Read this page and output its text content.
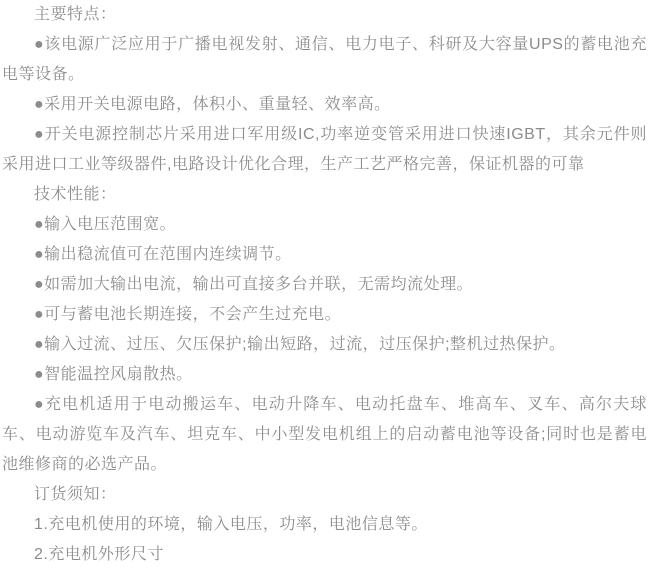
主要特点：

●该电源广泛应用于广播电视发射、通信、电力电子、科研及大容量UPS的蓄电池充电等设备。

●采用开关电源电路，体积小、重量轻、效率高。

●开关电源控制芯片采用进口军用级IC,功率逆变管采用进口快速IGBT，其余元件则采用进口工业等级器件,电路设计优化合理，生产工艺严格完善，保证机器的可靠

技术性能：

●输入电压范围宽。

●输出稳流值可在范围内连续调节。

●如需加大输出电流，输出可直接多台并联，无需均流处理。

●可与蓄电池长期连接，不会产生过充电。

●输入过流、过压、欠压保护;输出短路，过流，过压保护;整机过热保护。

●智能温控风扇散热。

●充电机适用于电动搬运车、电动升降车、电动托盘车、堆高车、叉车、高尔夫球车、电动游览车及汽车、坦克车、中小型发电机组上的启动蓄电池等设备;同时也是蓄电池维修商的必选产品。

订货须知：

1.充电机使用的环境，输入电压，功率，电池信息等。

2.充电机外形尺寸
